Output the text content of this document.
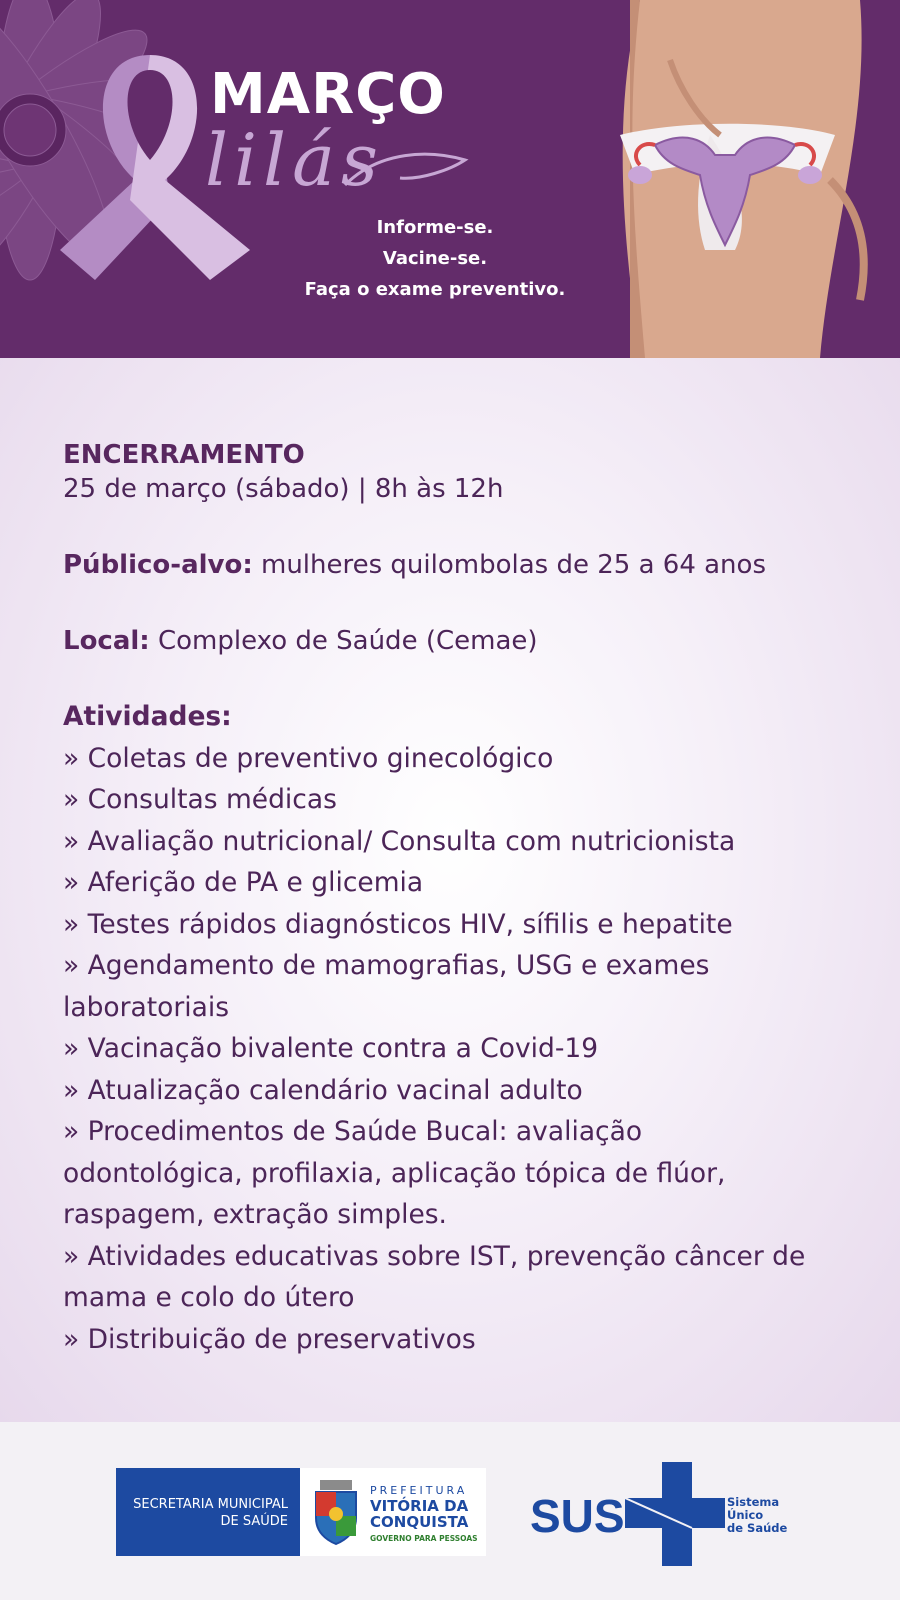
MARÇO
lilás
Informe-se.
Vacine-se.
Faça o exame preventivo.
ENCERRAMENTO
25 de março (sábado) | 8h às 12h
Público-alvo: mulheres quilombolas de 25 a 64 anos
Local: Complexo de Saúde (Cemae)
Atividades:
» Coletas de preventivo ginecológico
» Consultas médicas
» Avaliação nutricional/ Consulta com nutricionista
» Aferição de PA e glicemia
» Testes rápidos diagnósticos HIV, sífilis e hepatite
» Agendamento de mamografias, USG e exames
laboratoriais
» Vacinação bivalente contra a Covid-19
» Atualização calendário vacinal adulto
» Procedimentos de Saúde Bucal: avaliação
odontológica, profilaxia, aplicação tópica de flúor,
raspagem, extração simples.
» Atividades educativas sobre IST, prevenção câncer de
mama e colo do útero
» Distribuição de preservativos
SECRETARIA MUNICIPAL
DE SAÚDE
PREFEITURA
VITÓRIA DA
CONQUISTA
GOVERNO PARA PESSOAS SUS	Sistema
Único
de Saúde
